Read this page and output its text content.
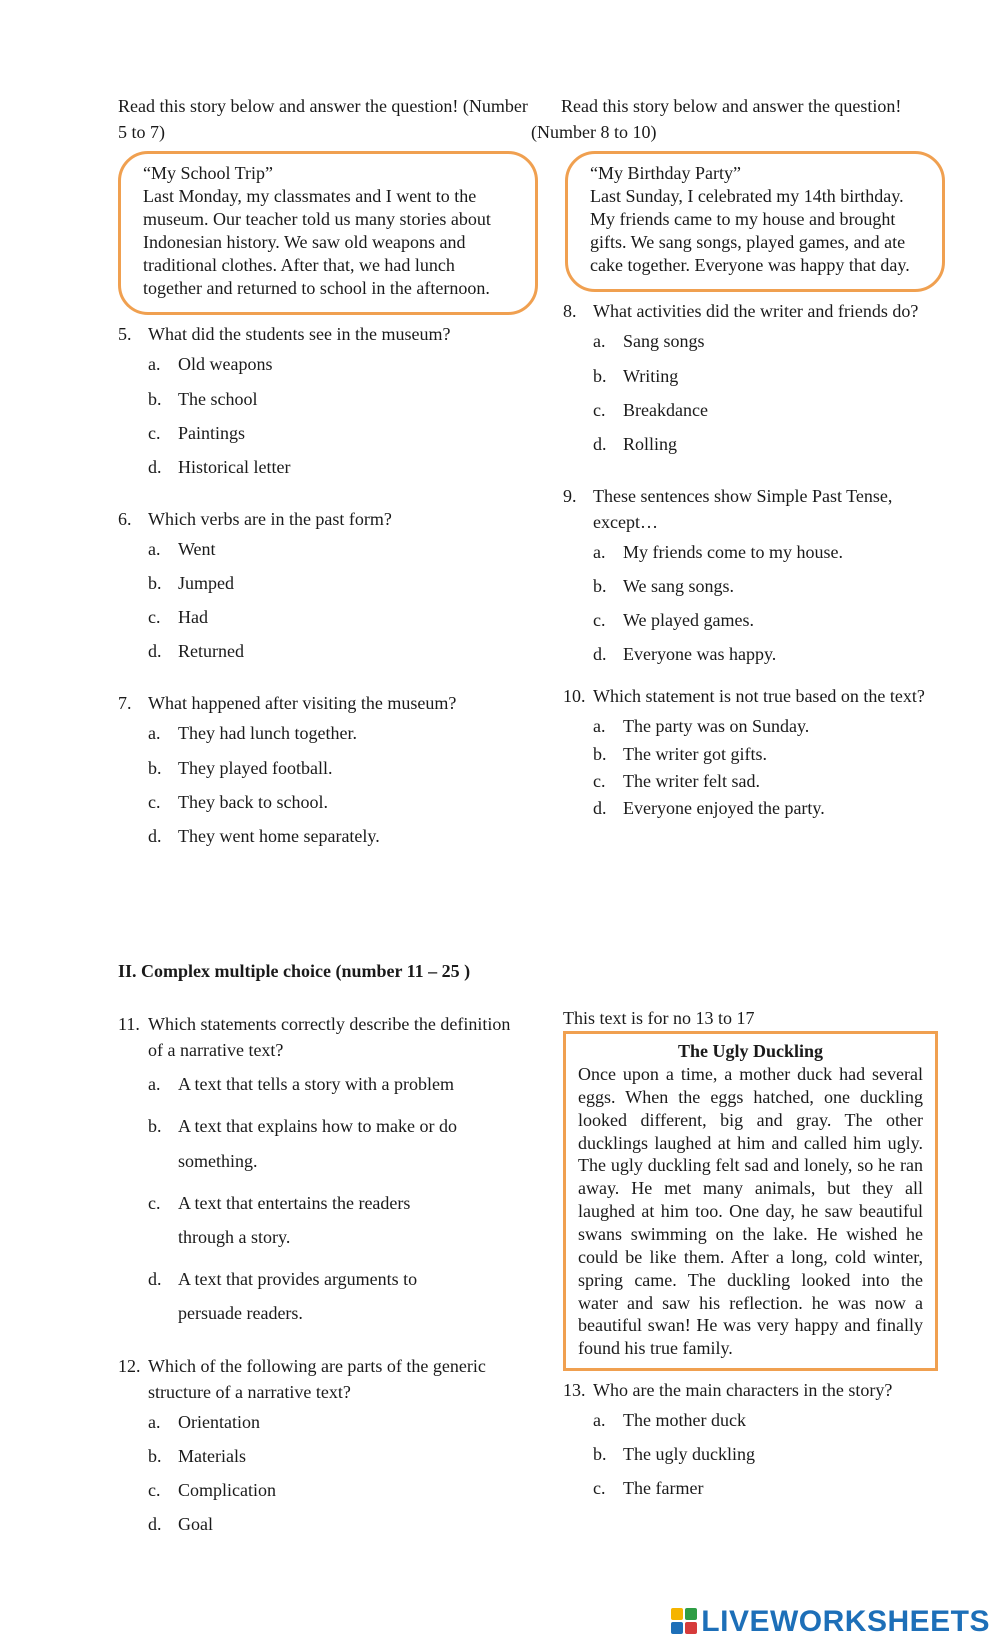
Read this story below and answer the question! (Number 5 to 7)

“My School Trip”
Last Monday, my classmates and I went to the museum. Our teacher told us many stories about Indonesian history. We saw old weapons and traditional clothes. After that, we had lunch together and returned to school in the afternoon.
5. What did the students see in the museum?
a. Old weapons
b. The school
c. Paintings
d. Historical letter
6. Which verbs are in the past form?
a. Went
b. Jumped
c. Had
d. Returned
7. What happened after visiting the museum?
a. They had lunch together.
b. They played football.
c. They back to school.
d. They went home separately.

Read this story below and answer the question! (Number 8 to 10)

“My Birthday Party”
Last Sunday, I celebrated my 14th birthday. My friends came to my house and brought gifts. We sang songs, played games, and ate cake together. Everyone was happy that day.
8. What activities did the writer and friends do?
a. Sang songs
b. Writing
c. Breakdance
d. Rolling
9. These sentences show Simple Past Tense, except…
a. My friends come to my house.
b. We sang songs.
c. We played games.
d. Everyone was happy.
10. Which statement is not true based on the text?
a. The party was on Sunday.
b. The writer got gifts.
c. The writer felt sad.
d. Everyone enjoyed the party.
II. Complex multiple choice (number 11 – 25 )
11. Which statements correctly describe the definition of a narrative text?
a. A text that tells a story with a problem
b. A text that explains how to make or do something.
c. A text that entertains the readers through a story.
d. A text that provides arguments to persuade readers.
12. Which of the following are parts of the generic structure of a narrative text?
a. Orientation
b. Materials
c. Complication
d. Goal
This text is for no 13 to 17
The Ugly Duckling
Once upon a time, a mother duck had several eggs. When the eggs hatched, one duckling looked different, big and gray. The other ducklings laughed at him and called him ugly. The ugly duckling felt sad and lonely, so he ran away. He met many animals, but they all laughed at him too. One day, he saw beautiful swans swimming on the lake. He wished he could be like them. After a long, cold winter, spring came. The duckling looked into the water and saw his reflection. he was now a beautiful swan! He was very happy and finally found his true family.
13. Who are the main characters in the story?
a. The mother duck
b. The ugly duckling
c. The farmer
LIVEWORKSHEETS
